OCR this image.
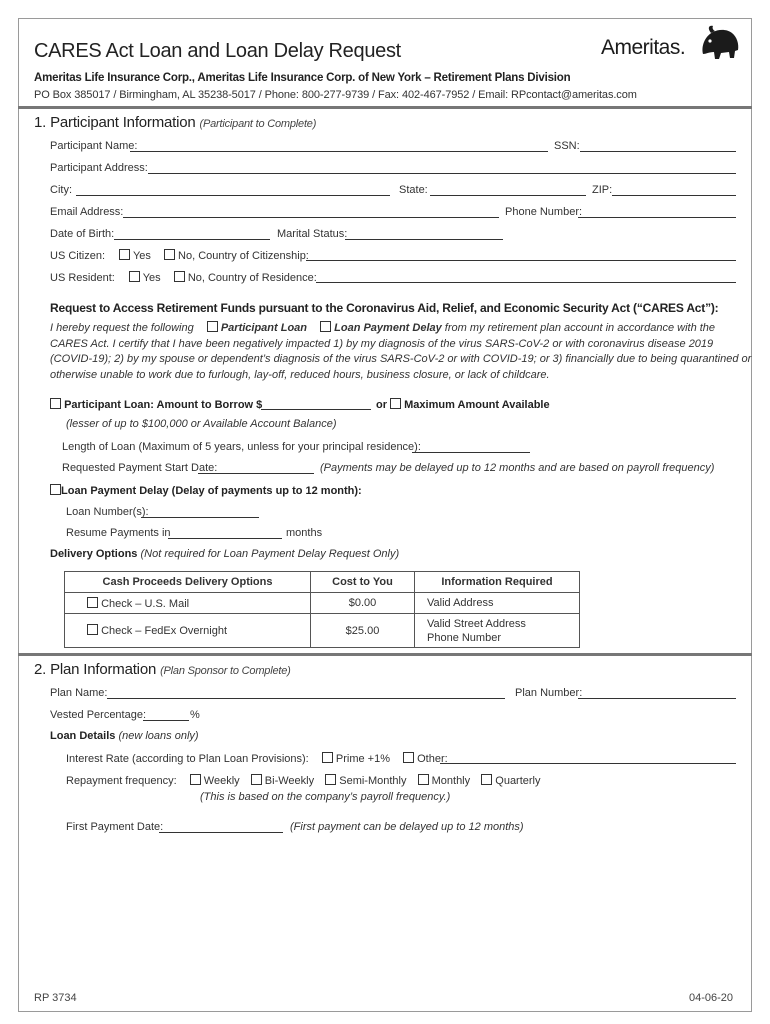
CARES Act Loan and Loan Delay Request	Ameritas.
Ameritas Life Insurance Corp., Ameritas Life Insurance Corp. of New York – Retirement Plans Division
PO Box 385017 / Birmingham, AL 35238-5017 / Phone: 800-277-9739 / Fax: 402-467-7952 / Email: RPcontact@ameritas.com
1. Participant Information (Participant to Complete)
Participant Name:	SSN:
Participant Address:
City:	State:	ZIP:
Email Address:	Phone Number:
Date of Birth:	Marital Status:
US Citizen:	Yes No, Country of Citizenship:
US Resident:	Yes No, Country of Residence:
Request to Access Retirement Funds pursuant to the Coronavirus Aid, Relief, and Economic Security Act (“CARES Act”):
I hereby request the following Participant Loan Loan Payment Delay from my retirement plan account in accordance with the
CARES Act. I certify that I have been negatively impacted 1) by my diagnosis of the virus SARS-CoV-2 or with coronavirus disease 2019
(COVID-19); 2) by my spouse or dependent’s diagnosis of the virus SARS-CoV-2 or with COVID-19; or 3) financially due to being quarantined or
otherwise unable to work due to furlough, lay-off, reduced hours, business closure, or lack of childcare.
Participant Loan: Amount to Borrow $	or Maximum Amount Available
(lesser of up to $100,000 or Available Account Balance)
Length of Loan (Maximum of 5 years, unless for your principal residence):
Requested Payment Start Date:	(Payments may be delayed up to 12 months and are based on payroll frequency)
Loan Payment Delay (Delay of payments up to 12 month):
Loan Number(s):
Resume Payments in	months
Delivery Options (Not required for Loan Payment Delay Request Only)
Cash Proceeds Delivery Options	Cost to You	Information Required
Check – U.S. Mail	$0.00	Valid Address
Check – FedEx Overnight	$25.00	Valid Street Address
Phone Number
2. Plan Information (Plan Sponsor to Complete)
Plan Name:	Plan Number:
Vested Percentage:	%
Loan Details (new loans only)
Interest Rate (according to Plan Loan Provisions): Prime +1% Other:
Repayment frequency: Weekly Bi-Weekly Semi-Monthly Monthly Quarterly
(This is based on the company’s payroll frequency.)
First Payment Date:	(First payment can be delayed up to 12 months)
RP 3734	04-06-20
